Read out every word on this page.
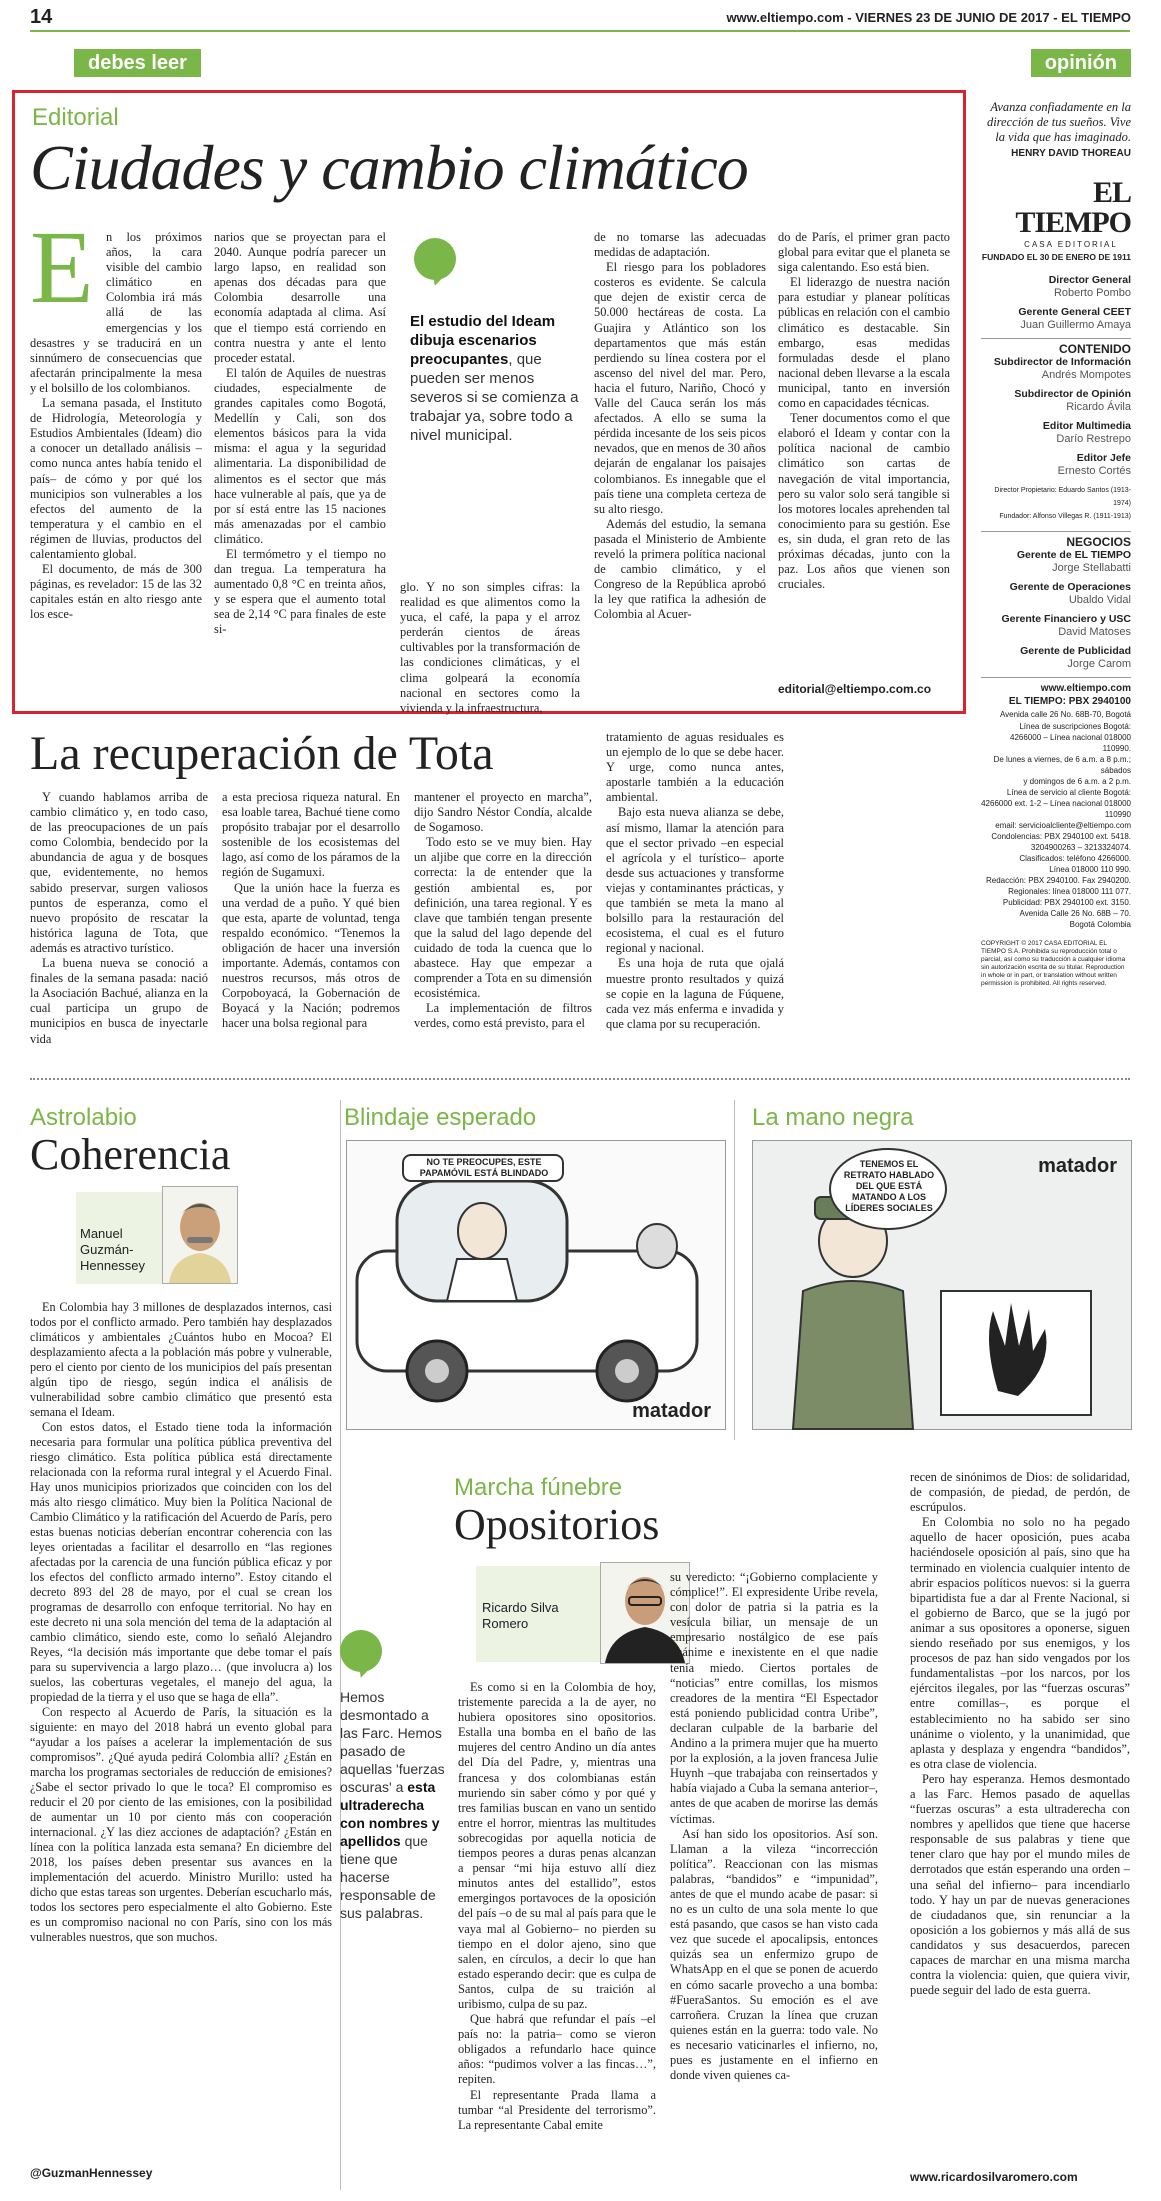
14	www.eltiempo.com - VIERNES 23 DE JUNIO DE 2017 - EL TIEMPO
debes leer	opinión
Editorial
Ciudades y cambio climático
E	n los próximos años, la cara visible del cambio climático en Colombia irá más allá de las emergencias y los desastres y se traducirá en un sinnúmero de consecuencias que afectarán principalmente la mesa y el bolsillo de los colombianos.

La semana pasada, el Instituto de Hidrología, Meteorología y Estudios Ambientales (Ideam) dio a conocer un detallado análisis –como nunca antes había tenido el país– de cómo y por qué los municipios son vulnerables a los efectos del aumento de la temperatura y el cambio en el régimen de lluvias, productos del calentamiento global.

El documento, de más de 300 páginas, es revelador: 15 de las 32 capitales están en alto riesgo ante los esce-

narios que se proyectan para el 2040. Aunque podría parecer un largo lapso, en realidad son apenas dos décadas para que Colombia desarrolle una economía adaptada al clima. Así que el tiempo está corriendo en contra nuestra y ante el lento proceder estatal.

El talón de Aquiles de nuestras ciudades, especialmente de grandes capitales como Bogotá, Medellín y Cali, son dos elementos básicos para la vida misma: el agua y la seguridad alimentaria. La disponibilidad de alimentos es el sector que más hace vulnerable al país, que ya de por sí está entre las 15 naciones más amenazadas por el cambio climático.

El termómetro y el tiempo no dan tregua. La temperatura ha aumentado 0,8 °C en treinta años, y se espera que el aumento total sea de 2,14 °C para finales de este si-

El estudio del Ideam dibuja escenarios preocupantes, que pueden ser menos severos si se comienza a trabajar ya, sobre todo a nivel municipal.

glo. Y no son simples cifras: la realidad es que alimentos como la yuca, el café, la papa y el arroz perderán cientos de áreas cultivables por la transformación de las condiciones climáticas, y el clima golpeará la economía nacional en sectores como la vivienda y la infraestructura,

de no tomarse las adecuadas medidas de adaptación.

El riesgo para los pobladores costeros es evidente. Se calcula que dejen de existir cerca de 50.000 hectáreas de costa. La Guajira y Atlántico son los departamentos que más están perdiendo su línea costera por el ascenso del nivel del mar. Pero, hacia el futuro, Nariño, Chocó y Valle del Cauca serán los más afectados. A ello se suma la pérdida incesante de los seis picos nevados, que en menos de 30 años dejarán de engalanar los paisajes colombianos. Es innegable que el país tiene una completa certeza de su alto riesgo.

Además del estudio, la semana pasada el Ministerio de Ambiente reveló la primera política nacional de cambio climático, y el Congreso de la República aprobó la ley que ratifica la adhesión de Colombia al Acuer-

do de París, el primer gran pacto global para evitar que el planeta se siga calentando. Eso está bien.

El liderazgo de nuestra nación para estudiar y planear políticas públicas en relación con el cambio climático es destacable. Sin embargo, esas medidas formuladas desde el plano nacional deben llevarse a la escala municipal, tanto en inversión como en capacidades técnicas.

Tener documentos como el que elaboró el Ideam y contar con la política nacional de cambio climático son cartas de navegación de vital importancia, pero su valor solo será tangible si los motores locales aprehenden tal conocimiento para su gestión. Ese es, sin duda, el gran reto de las próximas décadas, junto con la paz. Los años que vienen son cruciales.

editorial@eltiempo.com.co
Avanza confiadamente en la dirección de tus sueños. Vive la vida que has imaginado.
HENRY DAVID THOREAU
EL TIEMPO
CASA EDITORIAL
FUNDADO EL 30 DE ENERO DE 1911
Director General
Roberto Pombo
Gerente General CEET
Juan Guillermo Amaya
CONTENIDO
Subdirector de Información
Andrés Mompotes
Subdirector de Opinión
Ricardo Ávila
Editor Multimedia
Darío Restrepo
Editor Jefe
Ernesto Cortés
Director Propietario: Eduardo Santos (1913-1974)
Fundador: Alfonso Villegas R. (1911-1913)
NEGOCIOS
Gerente de EL TIEMPO
Jorge Stellabatti
Gerente de Operaciones
Ubaldo Vidal
Gerente Financiero y USC
David Matoses
Gerente de Publicidad
Jorge Carom
www.eltiempo.com
EL TIEMPO: PBX 2940100
Avenida calle 26 No. 68B-70, Bogotá
Línea de suscripciones Bogotá:
4266000 – Línea nacional 018000 110990.
De lunes a viernes, de 6 a.m. a 8 p.m.; sábados
y domingos de 6 a.m. a 2 p.m.
Línea de servicio al cliente Bogotá:
4266000 ext. 1-2 – Línea nacional 018000 110990
email: servicioalcliente@eltiempo.com
Condolencias: PBX 2940100 ext. 5418.
3204900263 – 3213324074.
Clasificados: teléfono 4266000.
Línea 018000 110 990.
Redacción: PBX 2940100. Fax 2940200.
Regionales: línea 018000 111 077.
Publicidad: PBX 2940100 ext. 3150.
Avenida Calle 26 No. 68B – 70.
Bogotá Colombia
COPYRIGHT © 2017 CASA EDITORIAL EL TIEMPO S.A. Prohibida su reproducción total o parcial, así como su traducción a cualquier idioma sin autorización escrita de su titular. Reproduction in whole or in part, or translation without written permission is prohibited. All rights reserved.
La recuperación de Tota

Y cuando hablamos arriba de cambio climático y, en todo caso, de las preocupaciones de un país como Colombia, bendecido por la abundancia de agua y de bosques que, evidentemente, no hemos sabido preservar, surgen valiosos puntos de esperanza, como el nuevo propósito de rescatar la histórica laguna de Tota, que además es atractivo turístico.

La buena nueva se conoció a finales de la semana pasada: nació la Asociación Bachué, alianza en la cual participa un grupo de municipios en busca de inyectarle vida

a esta preciosa riqueza natural. En esa loable tarea, Bachué tiene como propósito trabajar por el desarrollo sostenible de los ecosistemas del lago, así como de los páramos de la región de Sugamuxi.

Que la unión hace la fuerza es una verdad de a puño. Y qué bien que esta, aparte de voluntad, tenga respaldo económico. “Tenemos la obligación de hacer una inversión importante. Además, contamos con nuestros recursos, más otros de Corpoboyacá, la Gobernación de Boyacá y la Nación; podremos hacer una bolsa regional para

mantener el proyecto en marcha”, dijo Sandro Néstor Condía, alcalde de Sogamoso.

Todo esto se ve muy bien. Hay un aljibe que corre en la dirección correcta: la de entender que la gestión ambiental es, por definición, una tarea regional. Y es clave que también tengan presente que la salud del lago depende del cuidado de toda la cuenca que lo abastece. Hay que empezar a comprender a Tota en su dimensión ecosistémica.

La implementación de filtros verdes, como está previsto, para el

tratamiento de aguas residuales es un ejemplo de lo que se debe hacer. Y urge, como nunca antes, apostarle también a la educación ambiental.

Bajo esta nueva alianza se debe, así mismo, llamar la atención para que el sector privado –en especial el agrícola y el turístico– aporte desde sus actuaciones y transforme viejas y contaminantes prácticas, y que también se meta la mano al bolsillo para la restauración del ecosistema, el cual es el futuro regional y nacional.

Es una hoja de ruta que ojalá muestre pronto resultados y quizá se copie en la laguna de Fúquene, cada vez más enferma e invadida y que clama por su recuperación.

Astrolabio
Coherencia
Manuel Guzmán-Hennessey

En Colombia hay 3 millones de desplazados internos, casi todos por el conflicto armado. Pero también hay desplazados climáticos y ambientales ¿Cuántos hubo en Mocoa? El desplazamiento afecta a la población más pobre y vulnerable, pero el ciento por ciento de los municipios del país presentan algún tipo de riesgo, según indica el análisis de vulnerabilidad sobre cambio climático que presentó esta semana el Ideam.

Con estos datos, el Estado tiene toda la información necesaria para formular una política pública preventiva del riesgo climático. Esta política pública está directamente relacionada con la reforma rural integral y el Acuerdo Final. Hay unos municipios priorizados que coinciden con los del más alto riesgo climático. Muy bien la Política Nacional de Cambio Climático y la ratificación del Acuerdo de París, pero estas buenas noticias deberían encontrar coherencia con las leyes orientadas a facilitar el desarrollo en “las regiones afectadas por la carencia de una función pública eficaz y por los efectos del conflicto armado interno”. Estoy citando el decreto 893 del 28 de mayo, por el cual se crean los programas de desarrollo con enfoque territorial. No hay en este decreto ni una sola mención del tema de la adaptación al cambio climático, siendo este, como lo señaló Alejandro Reyes, “la decisión más importante que debe tomar el país para su supervivencia a largo plazo… (que involucra a) los suelos, las coberturas vegetales, el manejo del agua, la propiedad de la tierra y el uso que se haga de ella”.

Con respecto al Acuerdo de París, la situación es la siguiente: en mayo del 2018 habrá un evento global para “ayudar a los países a acelerar la implementación de sus compromisos”. ¿Qué ayuda pedirá Colombia allí? ¿Están en marcha los programas sectoriales de reducción de emisiones? ¿Sabe el sector privado lo que le toca? El compromiso es reducir el 20 por ciento de las emisiones, con la posibilidad de aumentar un 10 por ciento más con cooperación internacional. ¿Y las diez acciones de adaptación? ¿Están en línea con la política lanzada esta semana? En diciembre del 2018, los países deben presentar sus avances en la implementación del acuerdo. Ministro Murillo: usted ha dicho que estas tareas son urgentes. Deberían escucharlo más, todos los sectores pero especialmente el alto Gobierno. Este es un compromiso nacional no con París, sino con los más vulnerables nuestros, que son muchos.

@GuzmanHennessey
Blindaje esperado
NO TE PREOCUPES, ESTE PAPAMÓVIL ESTÁ BLINDADO
matador
La mano negra
TENEMOS EL RETRATO HABLADO DEL QUE ESTÁ MATANDO A LOS LÍDERES SOCIALES
matador
Marcha fúnebre
Opositorios
Ricardo Silva Romero
Hemos desmontado a las Farc. Hemos pasado de aquellas 'fuerzas oscuras' a esta ultraderecha con nombres y apellidos que tiene que hacerse responsable de sus palabras.

Es como si en la Colombia de hoy, tristemente parecida a la de ayer, no hubiera opositores sino opositorios. Estalla una bomba en el baño de las mujeres del centro Andino un día antes del Día del Padre, y, mientras una francesa y dos colombianas están muriendo sin saber cómo y por qué y tres familias buscan en vano un sentido entre el horror, mientras las multitudes sobrecogidas por aquella noticia de tiempos peores a duras penas alcanzan a pensar “mi hija estuvo allí diez minutos antes del estallido”, estos emergingos portavoces de la oposición del país –o de su mal al país para que le vaya mal al Gobierno– no pierden su tiempo en el dolor ajeno, sino que salen, en círculos, a decir lo que han estado esperando decir: que es culpa de Santos, culpa de su traición al uribismo, culpa de su paz.

Que habrá que refundar el país –el país no: la patria– como se vieron obligados a refundarlo hace quince años: “pudimos volver a las fincas…”, repiten.

El representante Prada llama a tumbar “al Presidente del terrorismo”. La representante Cabal emite

su veredicto: “¡Gobierno complaciente y cómplice!”. El expresidente Uribe revela, con dolor de patria si la patria es la vesícula biliar, un mensaje de un empresario nostálgico de ese país unánime e inexistente en el que nadie tenía miedo. Ciertos portales de “noticias” entre comillas, los mismos creadores de la mentira “El Espectador está poniendo publicidad contra Uribe”, declaran culpable de la barbarie del Andino a la primera mujer que ha muerto por la explosión, a la joven francesa Julie Huynh –que trabajaba con reinsertados y había viajado a Cuba la semana anterior–, antes de que acaben de morirse las demás víctimas.

Así han sido los opositorios. Así son. Llaman a la vileza “incorrección política”. Reaccionan con las mismas palabras, “bandidos” e “impunidad”, antes de que el mundo acabe de pasar: si no es un culto de una sola mente lo que está pasando, que casos se han visto cada vez que sucede el apocalipsis, entonces quizás sea un enfermizo grupo de WhatsApp en el que se ponen de acuerdo en cómo sacarle provecho a una bomba: #FueraSantos. Su emoción es el ave carroñera. Cruzan la línea que cruzan quienes están en la guerra: todo vale. No es necesario vaticinarles el infierno, no, pues es justamente en el infierno en donde viven quienes ca-

recen de sinónimos de Dios: de solidaridad, de compasión, de piedad, de perdón, de escrúpulos.

En Colombia no solo no ha pegado aquello de hacer oposición, pues acaba haciéndosele oposición al país, sino que ha terminado en violencia cualquier intento de abrir espacios políticos nuevos: si la guerra bipartidista fue a dar al Frente Nacional, si el gobierno de Barco, que se la jugó por animar a sus opositores a oponerse, siguen siendo reseñado por sus enemigos, y los procesos de paz han sido vengados por los fundamentalistas –por los narcos, por los ejércitos ilegales, por las “fuerzas oscuras” entre comillas–, es porque el establecimiento no ha sabido ser sino unánime o violento, y la unanimidad, que aplasta y desplaza y engendra “bandidos”, es otra clase de violencia.

Pero hay esperanza. Hemos desmontado a las Farc. Hemos pasado de aquellas “fuerzas oscuras” a esta ultraderecha con nombres y apellidos que tiene que hacerse responsable de sus palabras y tiene que tener claro que hay por el mundo miles de derrotados que están esperando una orden –una señal del infierno– para incendiarlo todo. Y hay un par de nuevas generaciones de ciudadanos que, sin renunciar a la oposición a los gobiernos y más allá de sus candidatos y sus desacuerdos, parecen capaces de marchar en una misma marcha contra la violencia: quien, que quiera vivir, puede seguir del lado de esta guerra.

www.ricardosilvaromero.com
